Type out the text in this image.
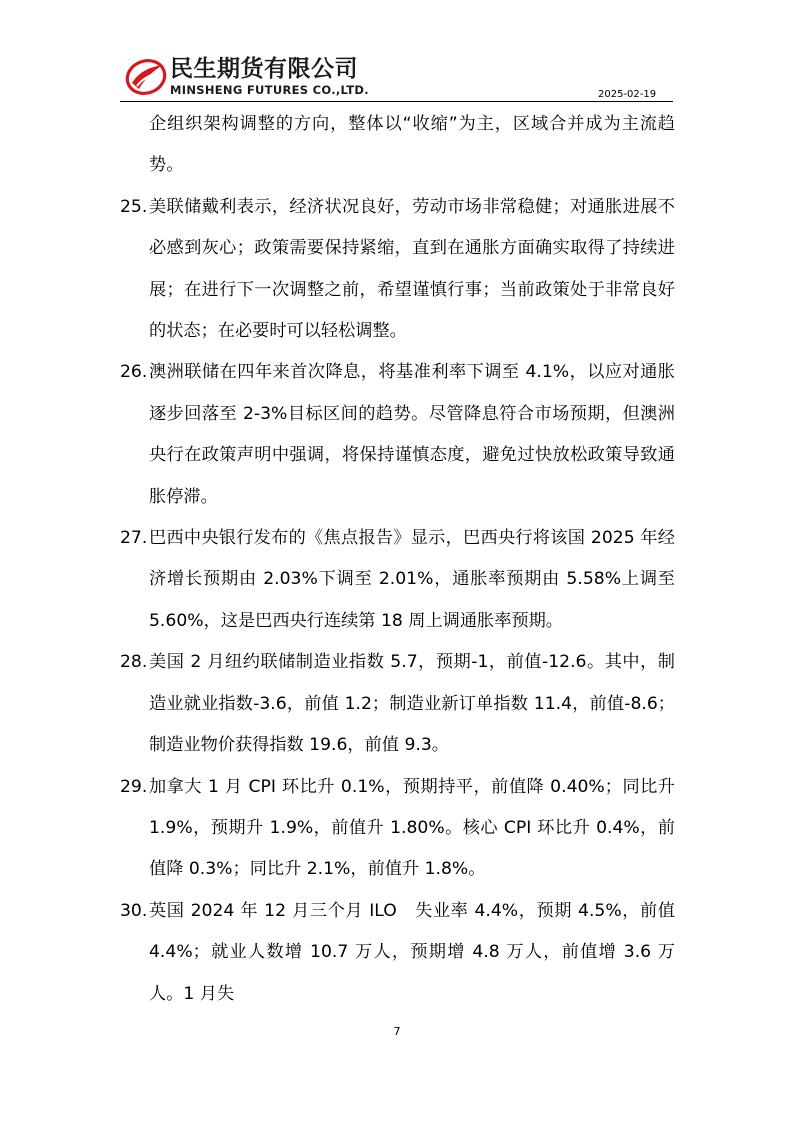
民生期货有限公司
MINSHENG FUTURES CO.,LTD.	2025-02-19
企组织架构调整的方向，整体以“收缩”为主，区域合并成为主流趋势。
25. 美联储戴利表示，经济状况良好，劳动市场非常稳健；对通胀进展不必感到灰心；政策需要保持紧缩，直到在通胀方面确实取得了持续进展；在进行下一次调整之前，希望谨慎行事；当前政策处于非常良好的状态；在必要时可以轻松调整。
26. 澳洲联储在四年来首次降息，将基准利率下调至 4.1%，以应对通胀逐步回落至 2-3%目标区间的趋势。尽管降息符合市场预期，但澳洲央行在政策声明中强调，将保持谨慎态度，避免过快放松政策导致通胀停滞。
27. 巴西中央银行发布的《焦点报告》显示，巴西央行将该国 2025 年经济增长预期由 2.03%下调至 2.01%，通胀率预期由 5.58%上调至 5.60%，这是巴西央行连续第 18 周上调通胀率预期。
28. 美国 2 月纽约联储制造业指数 5.7，预期-1，前值-12.6。其中，制造业就业指数-3.6，前值 1.2；制造业新订单指数 11.4，前值-8.6；制造业物价获得指数 19.6，前值 9.3。
29. 加拿大 1 月 CPI 环比升 0.1%，预期持平，前值降 0.40%；同比升 1.9%，预期升 1.9%，前值升 1.80%。核心 CPI 环比升 0.4%，前值降 0.3%；同比升 2.1%，前值升 1.8%。
30. 英国 2024 年 12 月三个月 ILO　失业率 4.4%，预期 4.5%，前值 4.4%；就业人数增 10.7 万人，预期增 4.8 万人，前值增 3.6 万人。1 月失
7
